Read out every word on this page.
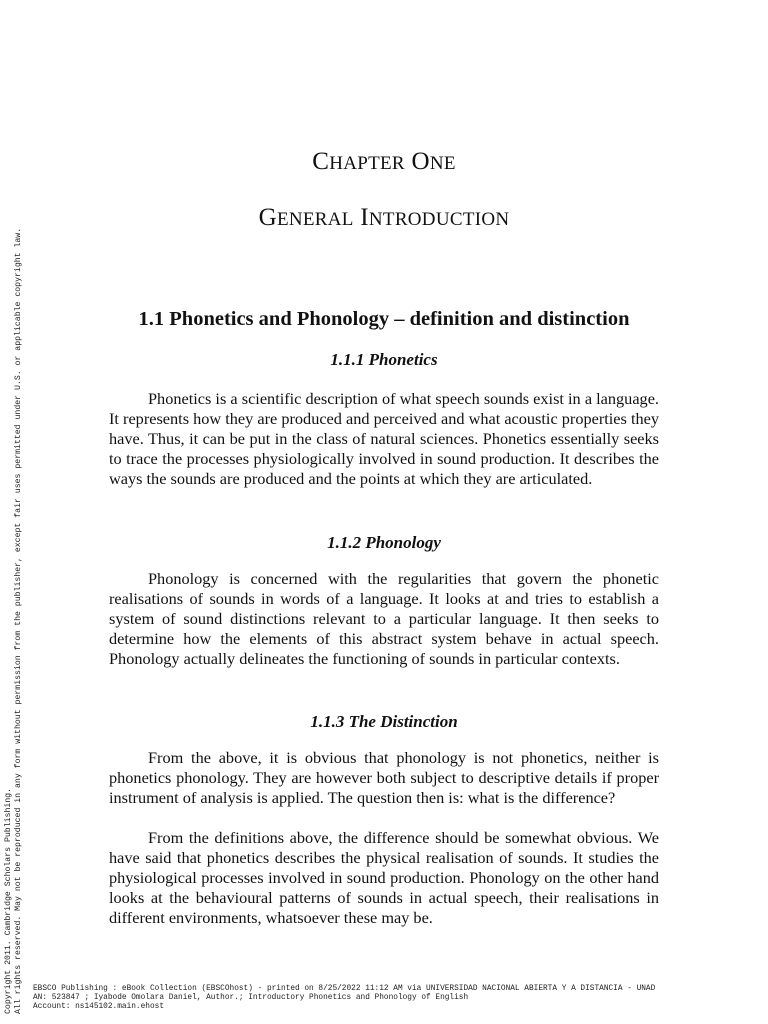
CHAPTER ONE
GENERAL INTRODUCTION
1.1 Phonetics and Phonology – definition and distinction
1.1.1 Phonetics

Phonetics is a scientific description of what speech sounds exist in a language. It represents how they are produced and perceived and what acoustic properties they have. Thus, it can be put in the class of natural sciences. Phonetics essentially seeks to trace the processes physiologically involved in sound production. It describes the ways the sounds are produced and the points at which they are articulated.

1.1.2 Phonology

Phonology is concerned with the regularities that govern the phonetic realisations of sounds in words of a language. It looks at and tries to establish a system of sound distinctions relevant to a particular language. It then seeks to determine how the elements of this abstract system behave in actual speech. Phonology actually delineates the functioning of sounds in particular contexts.

1.1.3 The Distinction

From the above, it is obvious that phonology is not phonetics, neither is phonetics phonology. They are however both subject to descriptive details if proper instrument of analysis is applied. The question then is: what is the difference?

From the definitions above, the difference should be somewhat obvious. We have said that phonetics describes the physical realisation of sounds. It studies the physiological processes involved in sound production. Phonology on the other hand looks at the behavioural patterns of sounds in actual speech, their realisations in different environments, whatsoever these may be.

Copyright 2011. Cambridge Scholars Publishing. All rights reserved. May not be reproduced in any form without permission from the publisher, except fair uses permitted under U.S. or applicable copyright law. EBSCO Publishing : eBook Collection (EBSCOhost) - printed on 8/25/2022 11:12 AM via UNIVERSIDAD NACIONAL ABIERTA Y A DISTANCIA - UNAD
AN: 523847 ; Iyabode Omolara Daniel, Author.; Introductory Phonetics and Phonology of English
Account: ns145102.main.ehost
